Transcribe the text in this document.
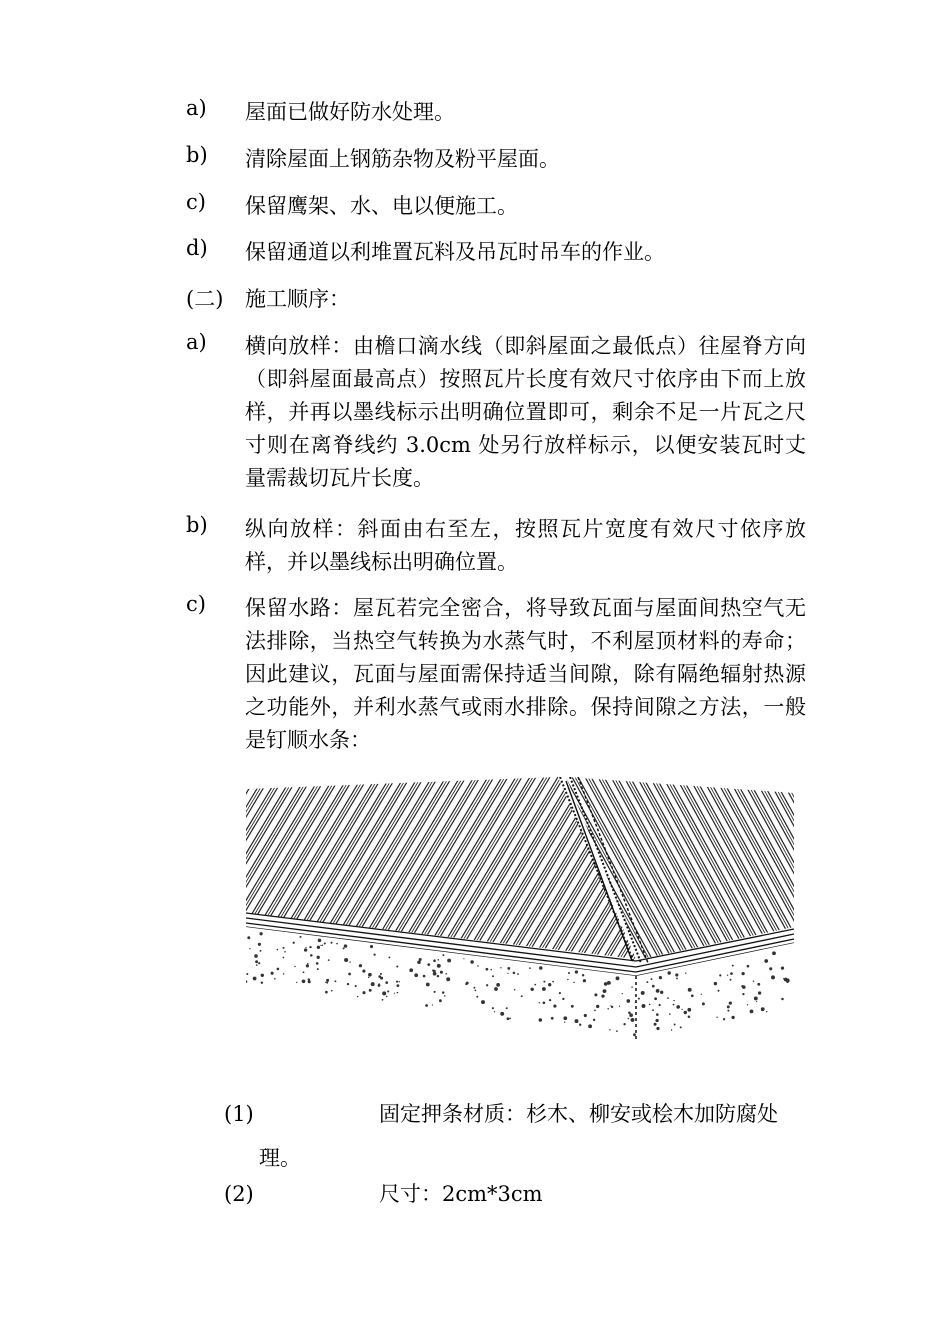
a) 屋面已做好防水处理。
b) 清除屋面上钢筋杂物及粉平屋面。
c) 保留鹰架、水、电以便施工。
d) 保留通道以利堆置瓦料及吊瓦时吊车的作业。
(二) 施工顺序：
a) 横向放样：由檐口滴水线（即斜屋面之最低点）往屋脊方向（即斜屋面最高点）按照瓦片长度有效尺寸依序由下而上放样，并再以墨线标示出明确位置即可，剩余不足一片瓦之尺寸则在离脊线约 3.0cm 处另行放样标示，以便安装瓦时丈量需裁切瓦片长度。
b) 纵向放样：斜面由右至左，按照瓦片宽度有效尺寸依序放样，并以墨线标出明确位置。
c) 保留水路：屋瓦若完全密合，将导致瓦面与屋面间热空气无法排除，当热空气转换为水蒸气时，不利屋顶材料的寿命；因此建议，瓦面与屋面需保持适当间隙，除有隔绝辐射热源之功能外，并利水蒸气或雨水排除。保持间隙之方法，一般是钉顺水条：
(1)	固定押条材质：杉木、柳安或桧木加防腐处
理。
(2)	尺寸：2cm*3cm
